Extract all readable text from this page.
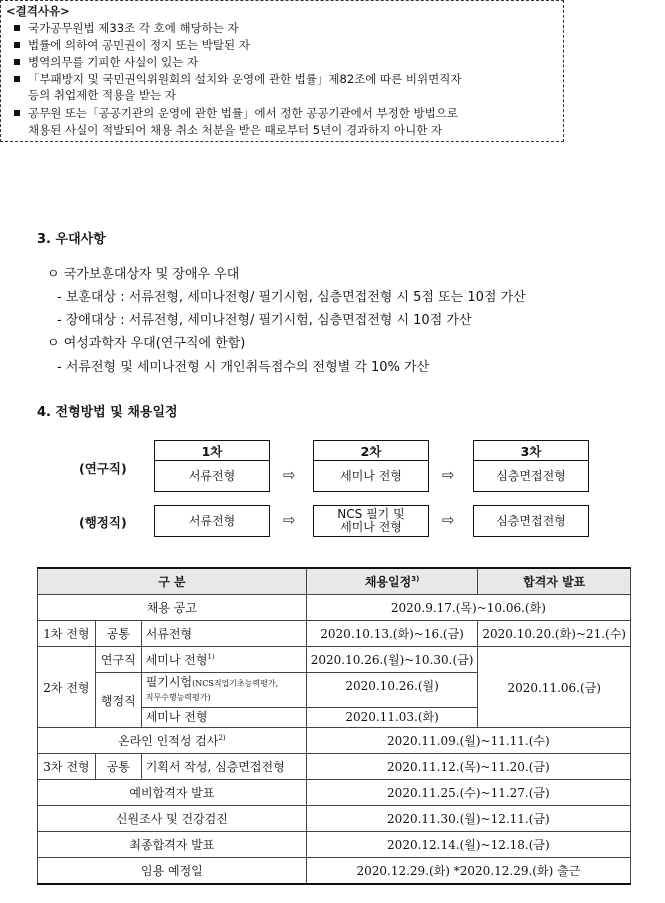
<결격사유>
국가공무원법 제33조 각 호에 해당하는 자
법률에 의하여 공민권이 정지 또는 박탈된 자
병역의무를 기피한 사실이 있는 자
「부패방지 및 국민권익위원회의 설치와 운영에 관한 법률」제82조에 따른 비위면직자
등의 취업제한 적용을 받는 자
공무원 또는「공공기관의 운영에 관한 법률」에서 정한 공공기관에서 부정한 방법으로
채용된 사실이 적발되어 채용 취소 처분을 받은 때로부터 5년이 경과하지 아니한 자
3. 우대사항
ㅇ 국가보훈대상자 및 장애우 우대
- 보훈대상 : 서류전형, 세미나전형/ 필기시험, 심층면접전형 시 5점 또는 10점 가산
- 장애대상 : 서류전형, 세미나전형/ 필기시험, 심층면접전형 시 10점 가산
ㅇ 여성과학자 우대(연구직에 한함)
- 서류전형 및 세미나전형 시 개인취득점수의 전형별 각 10% 가산
4. 전형방법 및 채용일정
1차	2차	3차
(연구직)	서류전형	⇨	세미나 전형	⇨	심층면접전형
(행정직)	서류전형	⇨	NCS 필기 및
세미나 전형	⇨	심층면접전형
구 분			채용일정$^{3)}$	합격자 발표
채용 공고			2020.9.17.(목)~10.06.(화)	
1차 전형	공통	서류전형	2020.10.13.(화)~16.(금)	2020.10.20.(화)~21.(수)
2차 전형	연구직	세미나 전형$^{1)}$	2020.10.26.(월)~10.30.(금)	2020.11.06.(금)
	행정직	필기시험(NCS직업기초능력평가,
직무수행능력평가)	2020.10.26.(월)	
		세미나 전형	2020.11.03.(화)	
온라인 인적성 검사$^{2)}$			2020.11.09.(월)~11.11.(수)	
3차 전형	공통	기획서 작성, 심층면접전형	2020.11.12.(목)~11.20.(금)	
예비합격자 발표			2020.11.25.(수)~11.27.(금)	
신원조사 및 건강검진			2020.11.30.(월)~12.11.(금)	
최종합격자 발표			2020.12.14.(월)~12.18.(금)	
임용 예정일			2020.12.29.(화) *2020.12.29.(화) 출근	
